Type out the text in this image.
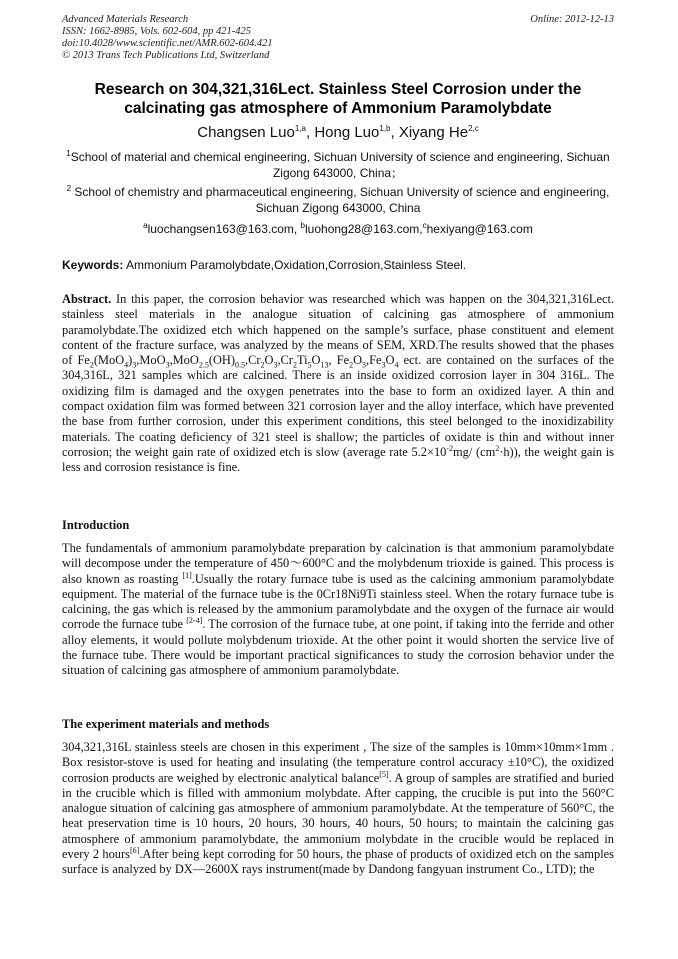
Advanced Materials Research
ISSN: 1662-8985, Vols. 602-604, pp 421-425
doi:10.4028/www.scientific.net/AMR.602-604.421
© 2013 Trans Tech Publications Ltd, Switzerland
Online: 2012-12-13
Research on 304,321,316Lect. Stainless Steel Corrosion under the calcinating gas atmosphere of Ammonium Paramolybdate
Changsen Luo$^{1,a}$, Hong Luo$^{1,b}$, Xiyang He$^{2,c}$
$^1$School of material and chemical engineering, Sichuan University of science and engineering, Sichuan Zigong 643000, China；
$^2$ School of chemistry and pharmaceutical engineering, Sichuan University of science and engineering, Sichuan Zigong 643000, China
$^a$luochangsen163@163.com, $^b$luohong28@163.com,$^c$hexiyang@163.com
Keywords: Ammonium Paramolybdate,Oxidation,Corrosion,Stainless Steel.

Abstract. In this paper, the corrosion behavior was researched which was happen on the 304,321,316Lect. stainless steel materials in the analogue situation of calcining gas atmosphere of ammonium paramolybdate.The oxidized etch which happened on the sample’s surface, phase constituent and element content of the fracture surface, was analyzed by the means of SEM, XRD.The results showed that the phases of $Fe_2(MoO_4)_3,MoO_3,MoO_{2.5}(OH)_{0.5},Cr_2O_3,Cr_2Ti_5O_{13}$, $Fe_2O_3,Fe_3O_4$ ect. are contained on the surfaces of the 304,316L, 321 samples which are calcined. There is an inside oxidized corrosion layer in 304 316L. The oxidizing film is damaged and the oxygen penetrates into the base to form an oxidized layer. A thin and compact oxidation film was formed between 321 corrosion layer and the alloy interface, which have prevented the base from further corrosion, under this experiment conditions, this steel belonged to the inoxidizability materials. The coating deficiency of 321 steel is shallow; the particles of oxidate is thin and without inner corrosion; the weight gain rate of oxidized etch is slow (average rate $5.2\times 10^{-2}mg/$ $(cm^2\cdot h)$), the weight gain is less and corrosion resistance is fine.

Introduction

The fundamentals of ammonium paramolybdate preparation by calcination is that ammonium paramolybdate will decompose under the temperature of 450～600°C and the molybdenum trioxide is gained. This process is also known as roasting [1].Usually the rotary furnace tube is used as the calcining ammonium paramolybdate equipment. The material of the furnace tube is the 0Cr18Ni9Ti stainless steel. When the rotary furnace tube is calcining, the gas which is released by the ammonium paramolybdate and the oxygen of the furnace air would corrode the furnace tube [2-4]. The corrosion of the furnace tube, at one point, if taking into the ferride and other alloy elements, it would pollute molybdenum trioxide. At the other point it would shorten the service live of the furnace tube. There would be important practical significances to study the corrosion behavior under the situation of calcining gas atmosphere of ammonium paramolybdate.

The experiment materials and methods

304,321,316L stainless steels are chosen in this experiment , The size of the samples is 10mm×10mm×1mm . Box resistor-stove is used for heating and insulating (the temperature control accuracy ±10°C), the oxidized corrosion products are weighed by electronic analytical balance[5]. A group of samples are stratified and buried in the crucible which is filled with ammonium molybdate. After capping, the crucible is put into the 560°C analogue situation of calcining gas atmosphere of ammonium paramolybdate. At the temperature of 560°C, the heat preservation time is 10 hours, 20 hours, 30 hours, 40 hours, 50 hours; to maintain the calcining gas atmosphere of ammonium paramolybdate, the ammonium molybdate in the crucible would be replaced in every 2 hours[6].After being kept corroding for 50 hours, the phase of products of oxidized etch on the samples surface is analyzed by DX—2600X rays instrument(made by Dandong fangyuan instrument Co., LTD); the
